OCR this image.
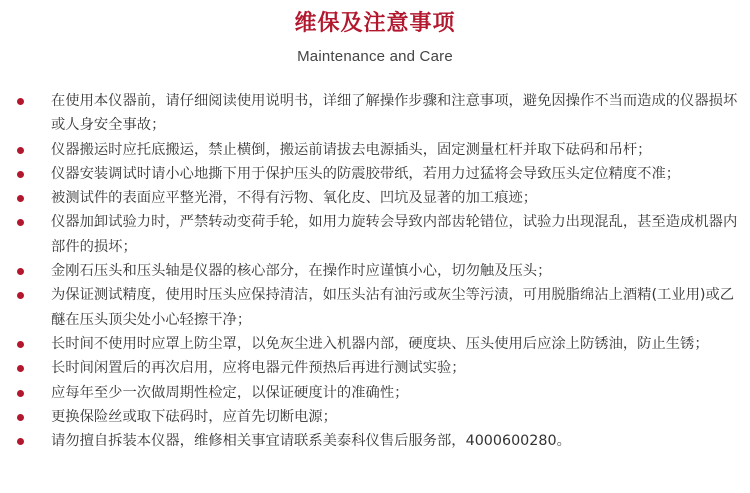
维保及注意事项
Maintenance and Care
在使用本仪器前，请仔细阅读使用说明书，详细了解操作步骤和注意事项，避免因操作不当而造成的仪器损坏或人身安全事故；
仪器搬运时应托底搬运，禁止横倒，搬运前请拔去电源插头，固定测量杠杆并取下砝码和吊杆；
仪器安装调试时请小心地撕下用于保护压头的防震胶带纸，若用力过猛将会导致压头定位精度不准；
被测试件的表面应平整光滑，不得有污物、氧化皮、凹坑及显著的加工痕迹；
仪器加卸试验力时，严禁转动变荷手轮，如用力旋转会导致内部齿轮错位，试验力出现混乱，甚至造成机器内部件的损坏；
金刚石压头和压头轴是仪器的核心部分，在操作时应谨慎小心，切勿触及压头；
为保证测试精度，使用时压头应保持清洁，如压头沾有油污或灰尘等污渍，可用脱脂绵沾上酒精(工业用)或乙醚在压头顶尖处小心轻擦干净；
长时间不使用时应罩上防尘罩，以免灰尘进入机器内部，硬度块、压头使用后应涂上防锈油，防止生锈；
长时间闲置后的再次启用，应将电器元件预热后再进行测试实验；
应每年至少一次做周期性检定，以保证硬度计的准确性；
更换保险丝或取下砝码时，应首先切断电源；
请勿擅自拆装本仪器，维修相关事宜请联系美泰科仪售后服务部，4000600280。
